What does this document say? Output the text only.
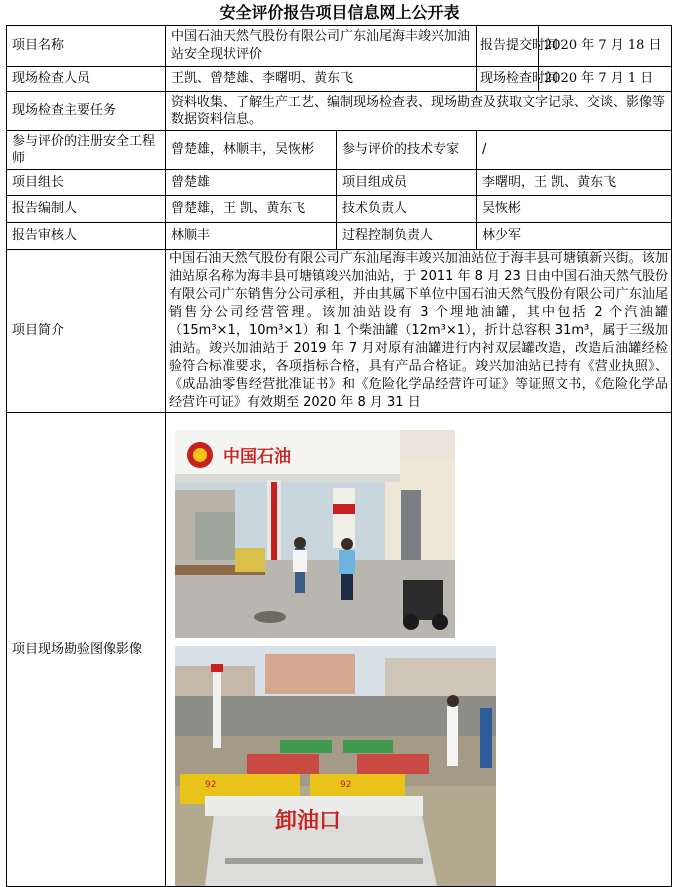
安全评价报告项目信息网上公开表
项目名称	中国石油天然气股份有限公司广东汕尾海丰竣兴加油站安全现状评价		报告提交时间	2020 年 7 月 18 日
现场检查人员	王凯、曾楚雄、李曙明、黄东飞		现场检查时间	2020 年 7 月 1 日
现场检查主要任务	资料收集、了解生产工艺、编制现场检查表、现场勘查及获取文字记录、交谈、影像等数据资料信息。			
参与评价的注册安全工程师	曾楚雄，林顺丰，吴恢彬	参与评价的技术专家	/	
项目组长	曾楚雄	项目组成员	李曙明，王 凯、黄东飞	
报告编制人	曾楚雄，王 凯、黄东飞	技术负责人	吴恢彬	
报告审核人	林顺丰	过程控制负责人	林少军	
项目简介	中国石油天然气股份有限公司广东汕尾海丰竣兴加油站位于海丰县可塘镇新兴街。该加油站原名称为海丰县可塘镇竣兴加油站，于 2011 年 8 月 23 日由中国石油天然气股份有限公司广东销售分公司承租，并由其属下单位中国石油天然气股份有限公司广东汕尾销售分公司经营管理。该加油站设有 3 个埋地油罐，其中包括 2 个汽油罐（15m³×1，10m³×1）和 1 个柴油罐（12m³×1），折计总容积 31m³，属于三级加油站。竣兴加油站于 2019 年 7 月对原有油罐进行内衬双层罐改造，改造后油罐经检验符合标准要求，各项指标合格，具有产品合格证。竣兴加油站已持有《营业执照》、《成品油零售经营批准证书》和《危险化学品经营许可证》等证照文书，《危险化学品经营许可证》有效期至 2020 年 8 月 31 日			
项目现场勘验图像影像	中国石油
92 92
卸油口			
